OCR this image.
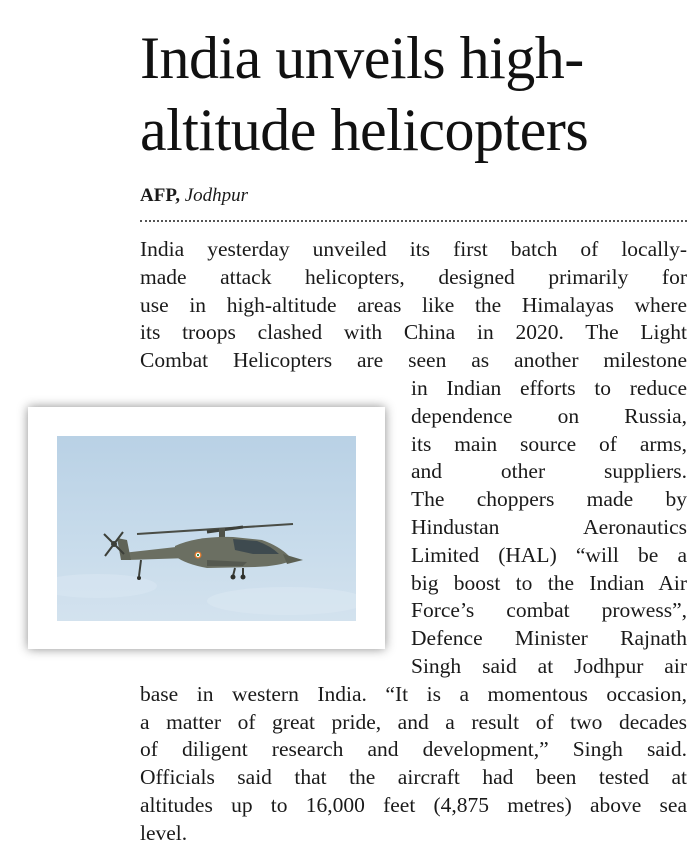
India unveils high-
altitude helicopters
AFP, Jodhpur
India yesterday unveiled its first batch of locally-
made attack helicopters, designed primarily for
use in high-altitude areas like the Himalayas where
its troops clashed with China in 2020. The Light
Combat Helicopters are seen as another milestone
in Indian efforts to reduce
dependence on Russia,
its main source of arms,
and other suppliers.
The choppers made by
Hindustan Aeronautics
Limited (HAL) “will be a
big boost to the Indian Air
Force’s combat prowess”,
Defence Minister Rajnath
Singh said at Jodhpur air
base in western India. “It is a momentous occasion,
a matter of great pride, and a result of two decades
of diligent research and development,” Singh said.
Officials said that the aircraft had been tested at
altitudes up to 16,000 feet (4,875 metres) above sea
level.
